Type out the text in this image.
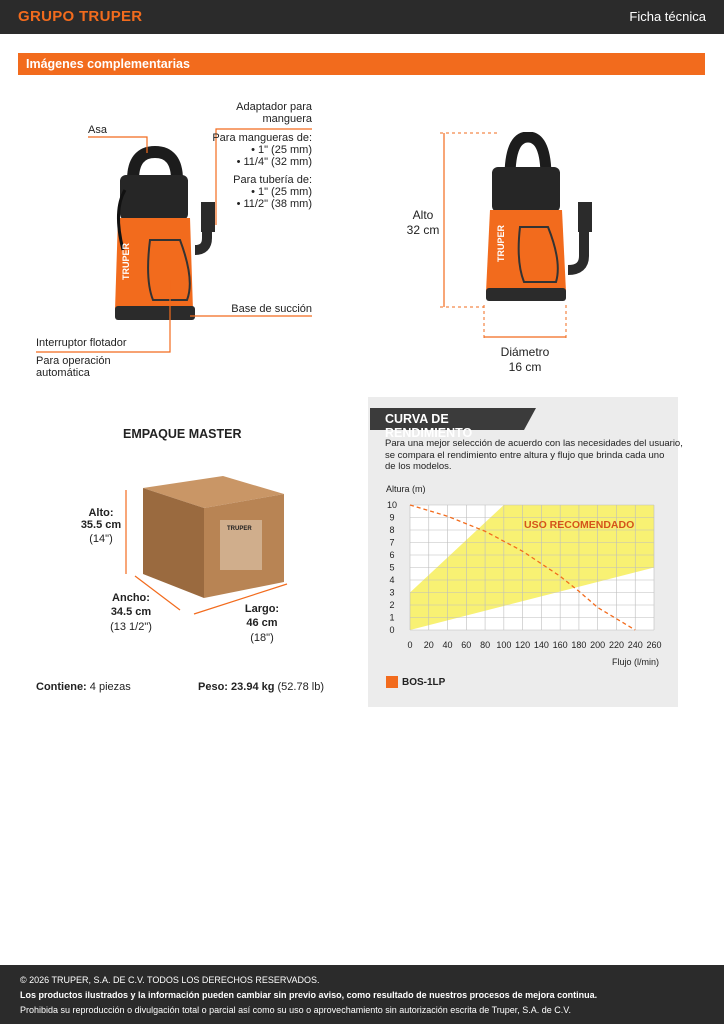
GRUPO TRUPER	Ficha técnica
Imágenes complementarias
TRUPER
Asa
Adaptador para
manguera
Para mangueras de:
• 1" (25 mm)
• 11/4" (32 mm)
Para tubería de:
• 1" (25 mm)
• 11/2" (38 mm)
Base de succión
Interruptor flotador
Para operación
automática
TRUPER
Alto
32 cm
Diámetro
16 cm
EMPAQUE MASTER
TRUPER
Alto:
35.5 cm
(14")
Ancho:
34.5 cm
(13 1/2")
Largo:
46 cm
(18")
Contiene: 4 piezas	Peso: 23.94 kg (52.78 lb)
CURVA DE RENDIMIENTO
Para una mejor selección de acuerdo con las necesidades del usuario,
se compara el rendimiento entre altura y flujo que brinda cada uno
de los modelos.
0 20 40 60 80 100 120 140 160 180 200 220 240 260
0
1
2
3
4
5
6
7
8
9
10
Altura (m)
Flujo (l/min)
USO RECOMENDADO
BOS-1LP
© 2026 TRUPER, S.A. DE C.V. TODOS LOS DERECHOS RESERVADOS.
Los productos ilustrados y la información pueden cambiar sin previo aviso, como resultado de nuestros procesos de mejora continua.
Prohibida su reproducción o divulgación total o parcial así como su uso o aprovechamiento sin autorización escrita de Truper, S.A. de C.V.
